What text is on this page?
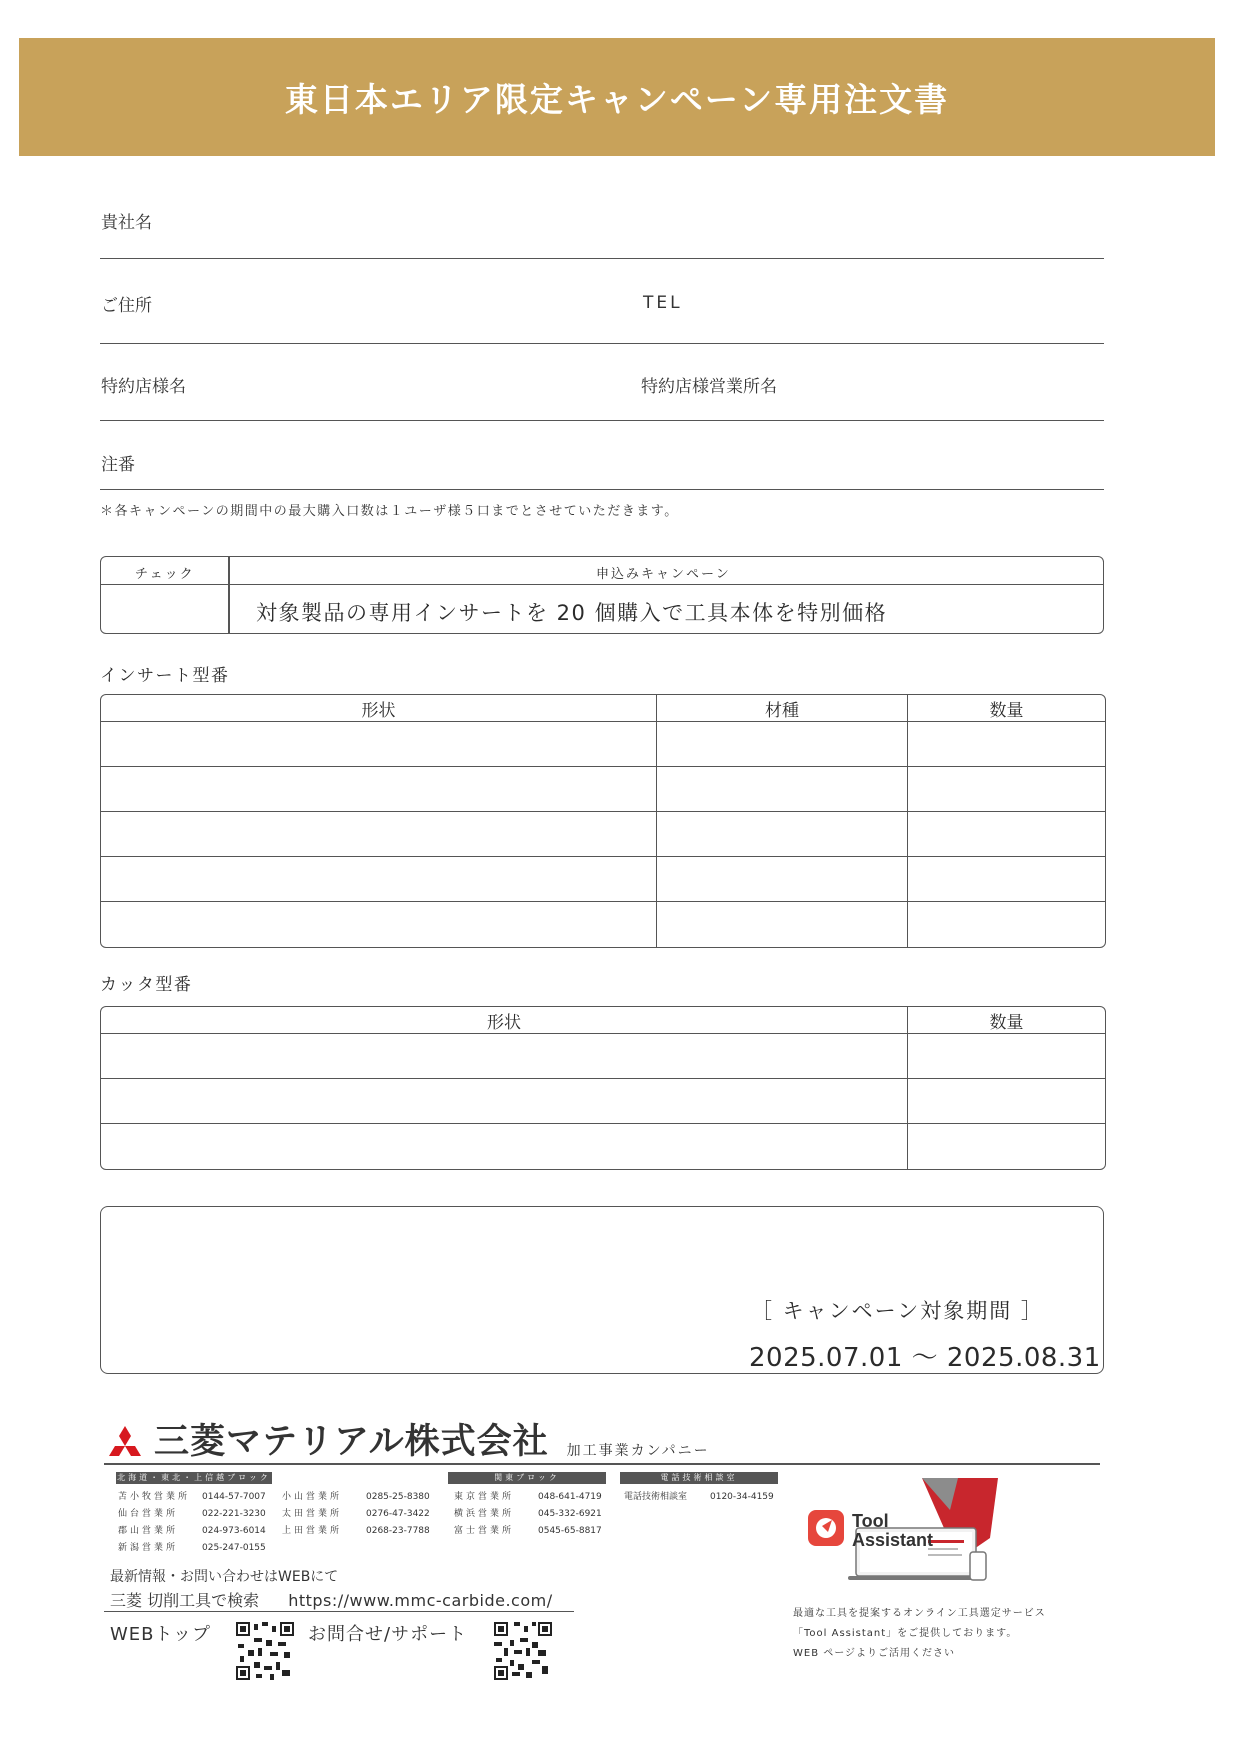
東日本エリア限定キャンペーン専用注文書
貴社名
ご住所	TEL
特約店様名	特約店様営業所名
注番
＊各キャンペーンの期間中の最大購入口数は１ユーザ様５口までとさせていただきます。
チェック	申込みキャンペーン
対象製品の専用インサートを 20 個購入で工具本体を特別価格
インサート型番
形状	材種	数量

カッタ型番
形状	数量

［ キャンペーン対象期間 ］
2025.07.01 ～ 2025.08.31
三菱マテリアル株式会社 加工事業カンパニー
北海道・東北・上信越ブロック
苫小牧営業所 0144-57-7007
仙台営業所	022-221-3230
郡山営業所	024-973-6014
新潟営業所	025-247-0155
小山営業所	0285-25-8380
太田営業所	0276-47-3422
上田営業所	0268-23-7788
関東ブロック
東京営業所	048-641-4719
横浜営業所	045-332-6921
富士営業所	0545-65-8817
電話技術相談室
電話技術相談室	0120-34-4159
最新情報・お問い合わせはWEBにて
三菱 切削工具で検索 https://www.mmc-carbide.com/
WEBトップ	お問合せ/サポート
Tool
Assistant
最適な工具を提案するオンライン工具選定サービス
「Tool Assistant」をご提供しております。
WEB ページよりご活用ください
